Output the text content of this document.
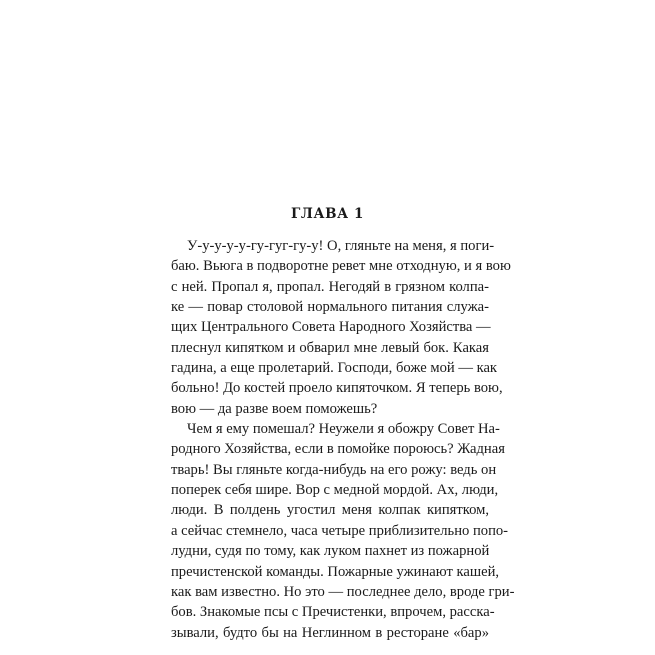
ГЛАВА 1
У-у-у-у-у-гу-гуг-гу-у! О, гляньте на меня, я поги-
баю. Вьюга в подворотне ревет мне отходную, и я вою
с ней. Пропал я, пропал. Негодяй в грязном колпа-
ке — повар столовой нормального питания служа-
щих Центрального Совета Народного Хозяйства —
плеснул кипятком и обварил мне левый бок. Какая
гадина, а еще пролетарий. Господи, боже мой — как
больно! До костей проело кипяточком. Я теперь вою,
вою — да разве воем поможешь?
Чем я ему помешал? Неужели я обожру Совет На-
родного Хозяйства, если в помойке пороюсь? Жадная
тварь! Вы гляньте когда-нибудь на его рожу: ведь он
поперек себя шире. Вор с медной мордой. Ах, люди,
люди. В полдень угостил меня колпак кипятком,
а сейчас стемнело, часа четыре приблизительно попо-
лудни, судя по тому, как луком пахнет из пожарной
пречистенской команды. Пожарные ужинают кашей,
как вам известно. Но это — последнее дело, вроде гри-
бов. Знакомые псы с Пречистенки, впрочем, расска-
зывали, будто бы на Неглинном в ресторане «бар»
